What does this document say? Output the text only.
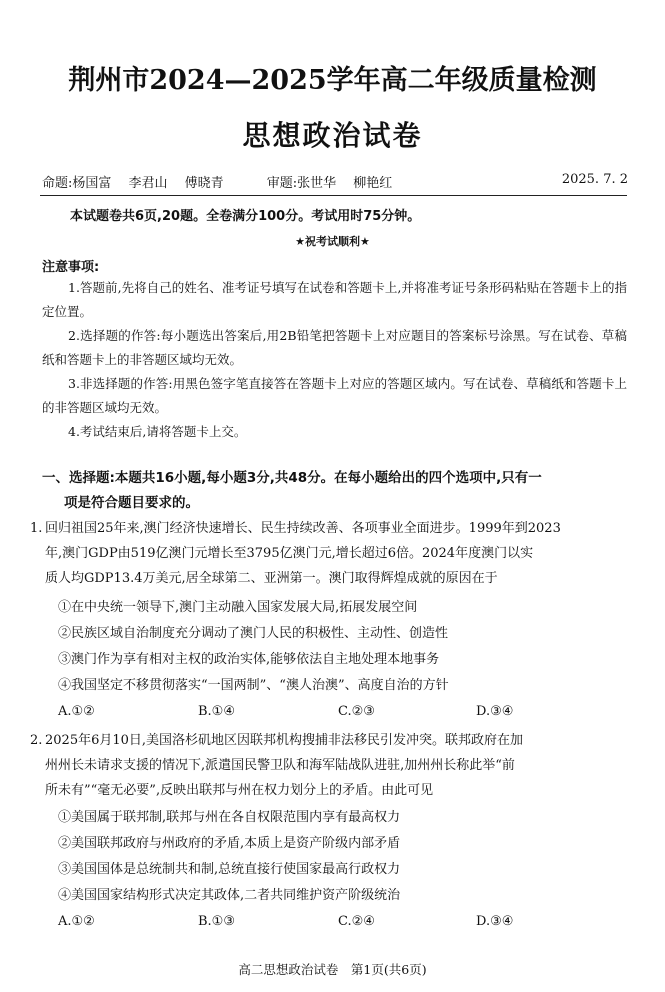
荆州市2024—2025学年高二年级质量检测
思想政治试卷
命题:杨国富　 李君山　 傅晓青　　　 审题:张世华　 柳艳红	2025. 7. 2
本试题卷共6页,20题。全卷满分100分。考试用时75分钟。
★祝考试顺利★
注意事项:
1.答题前,先将自己的姓名、准考证号填写在试卷和答题卡上,并将准考证号条形码粘贴在答题卡上的指定位置。
2.选择题的作答:每小题选出答案后,用2B铅笔把答题卡上对应题目的答案标号涂黑。写在试卷、草稿纸和答题卡上的非答题区域均无效。
3.非选择题的作答:用黑色签字笔直接答在答题卡上对应的答题区域内。写在试卷、草稿纸和答题卡上的非答题区域均无效。
4.考试结束后,请将答题卡上交。
一、选择题:本题共16小题,每小题3分,共48分。在每小题给出的四个选项中,只有一
项是符合题目要求的。
1. 回归祖国25年来,澳门经济快速增长、民生持续改善、各项事业全面进步。1999年到2023
年,澳门GDP由519亿澳门元增长至3795亿澳门元,增长超过6倍。2024年度澳门以实
质人均GDP13.4万美元,居全球第二、亚洲第一。澳门取得辉煌成就的原因在于
①在中央统一领导下,澳门主动融入国家发展大局,拓展发展空间
②民族区域自治制度充分调动了澳门人民的积极性、主动性、创造性
③澳门作为享有相对主权的政治实体,能够依法自主地处理本地事务
④我国坚定不移贯彻落实“一国两制”、“澳人治澳”、高度自治的方针
A.①②	B.①④	C.②③	D.③④
2. 2025年6月10日,美国洛杉矶地区因联邦机构搜捕非法移民引发冲突。联邦政府在加
州州长未请求支援的情况下,派遣国民警卫队和海军陆战队进驻,加州州长称此举“前
所未有”“毫无必要”,反映出联邦与州在权力划分上的矛盾。由此可见
①美国属于联邦制,联邦与州在各自权限范围内享有最高权力
②美国联邦政府与州政府的矛盾,本质上是资产阶级内部矛盾
③美国国体是总统制共和制,总统直接行使国家最高行政权力
④美国国家结构形式决定其政体,二者共同维护资产阶级统治
A.①②	B.①③	C.②④	D.③④
高二思想政治试卷　第1页(共6页)
